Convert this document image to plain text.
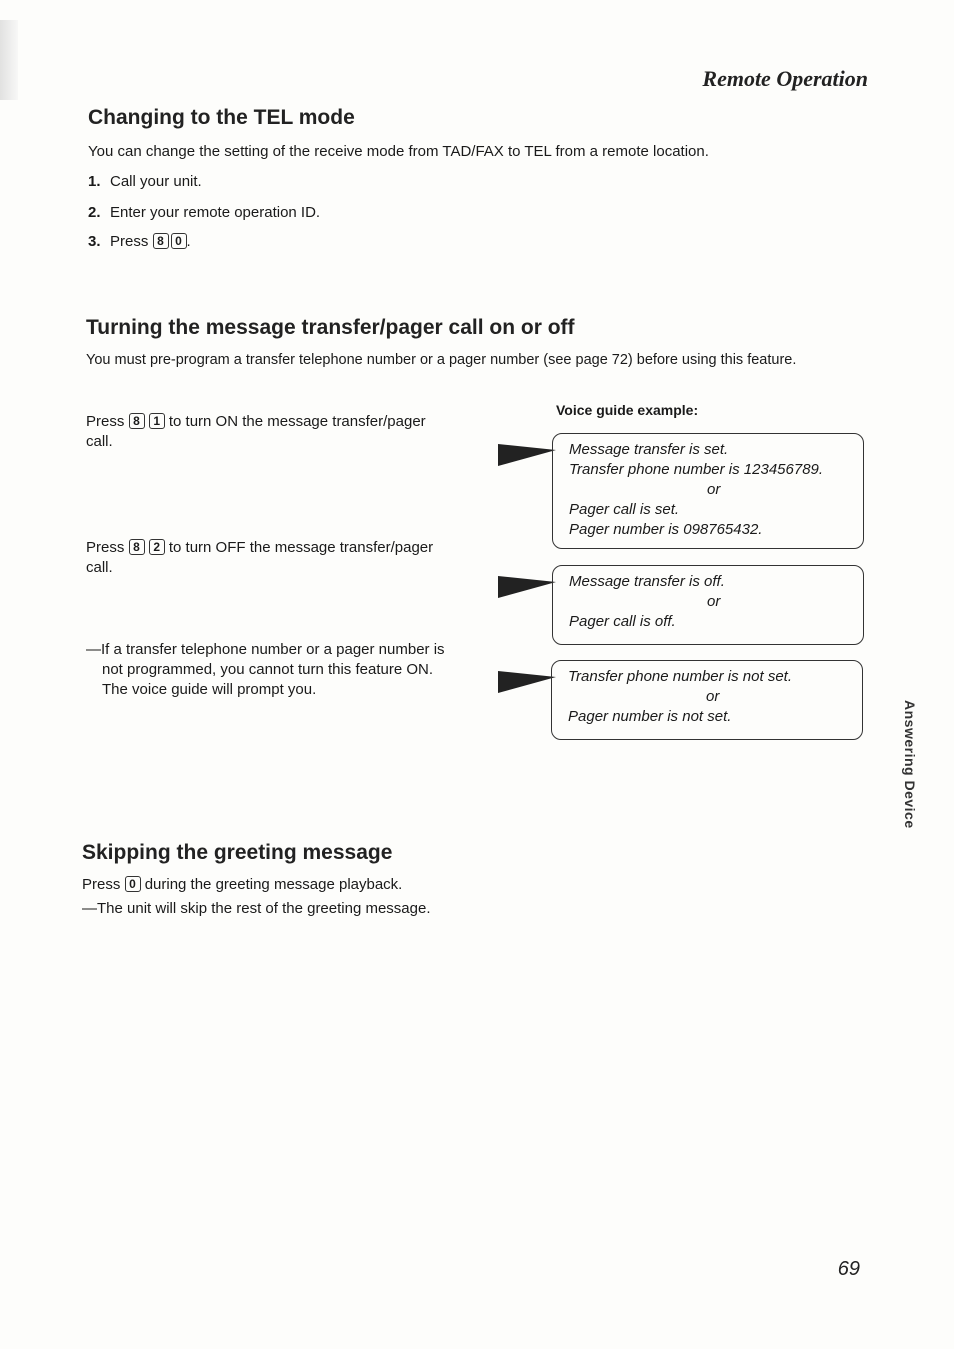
Remote Operation
Changing to the TEL mode
You can change the setting of the receive mode from TAD/FAX to TEL from a remote location.
1. Call your unit.
2. Enter your remote operation ID.
3. Press 8 0 .
Turning the message transfer/pager call on or off
You must pre-program a transfer telephone number or a pager number (see page 72) before using this feature.
Press 8 1 to turn ON the message transfer/pager
call.
Press 8 2 to turn OFF the message transfer/pager
call.
—If a transfer telephone number or a pager number is
not programmed, you cannot turn this feature ON.
The voice guide will prompt you.
Voice guide example:
Message transfer is set.
Transfer phone number is 123456789.
or
Pager call is set.
Pager number is 098765432.
Message transfer is off.
or
Pager call is off.
Transfer phone number is not set.
or
Pager number is not set.
Skipping the greeting message
Press 0 during the greeting message playback.
—The unit will skip the rest of the greeting message.
Answering Device
69
